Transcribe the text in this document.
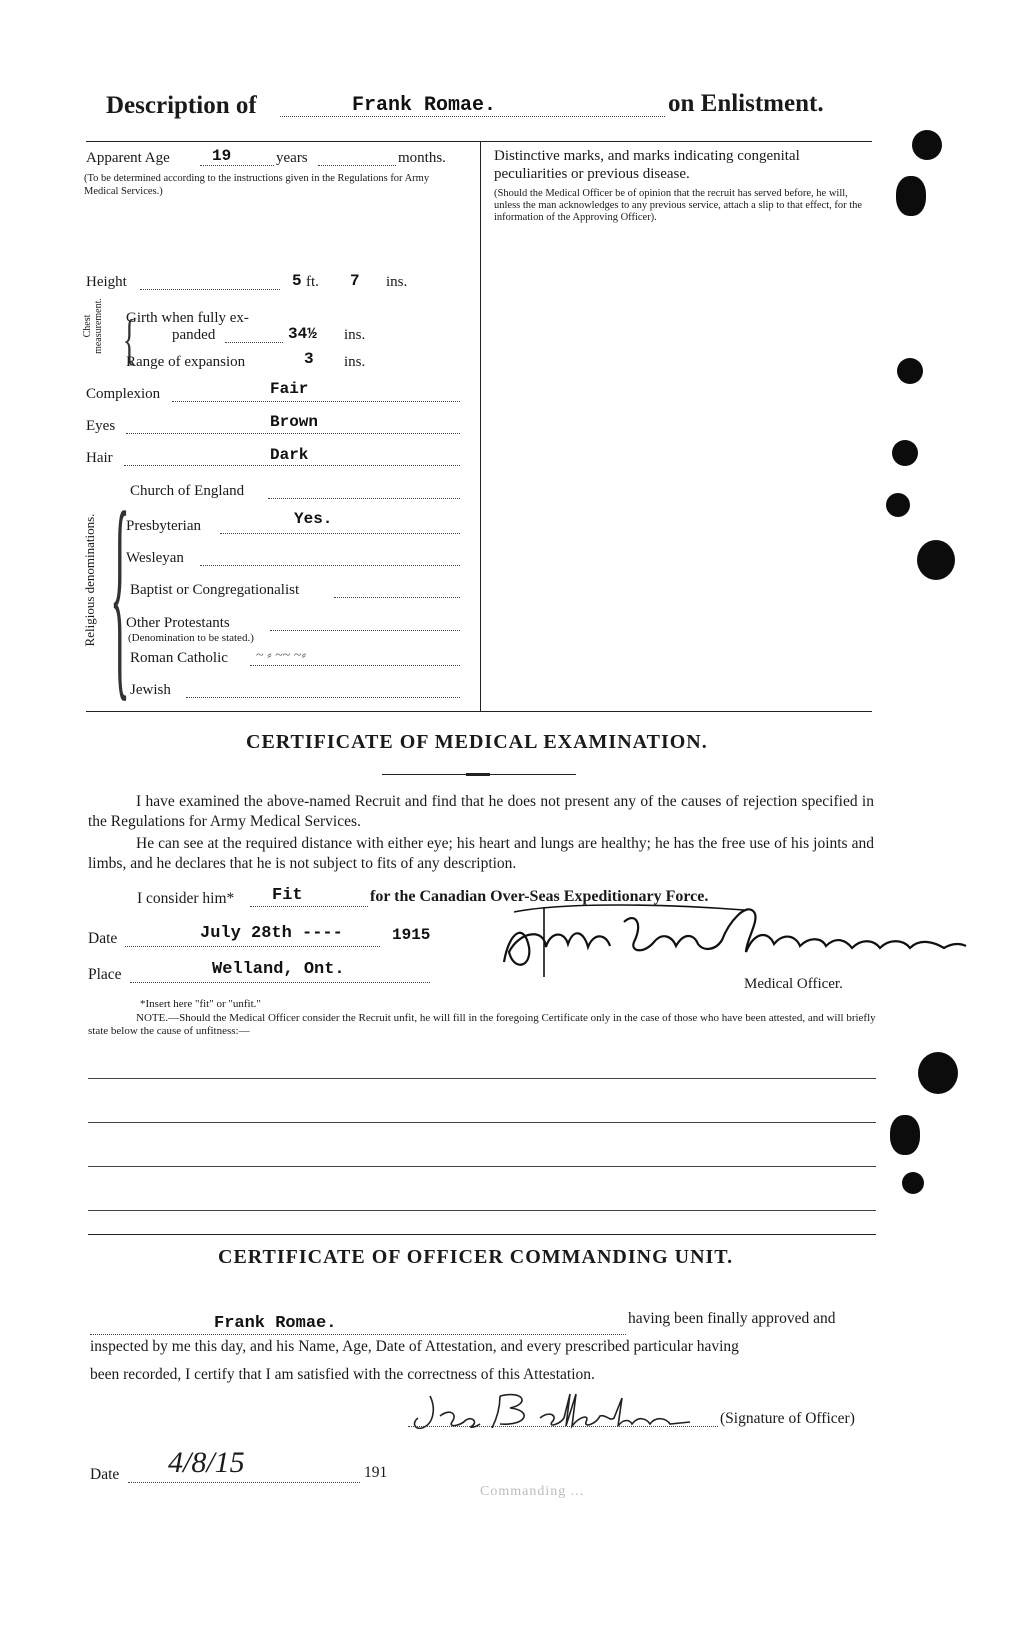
Description of	Frank Romae.	on Enlistment.
Apparent Age	19	years	months.
(To be determined according to the instructions given in the Regulations for Army Medical Services.)
Height	5 ft. 7 ins.
Chest measurement. {
Girth when fully ex-
panded	34½ ins.
Range of expansion	3 ins.
Complexion	Fair
Eyes	Brown
Hair	Dark
Religious denominations. { Church of England
Presbyterian	Yes.
Wesleyan
Baptist or Congregationalist
Other Protestants
(Denomination to be stated.)
Roman Catholic ~ ⸗ ~~ ~⸗
Jewish
Distinctive marks, and marks indicating congenital peculiarities or previous disease.
(Should the Medical Officer be of opinion that the recruit has served before, he will, unless the man acknowledges to any previous service, attach a slip to that effect, for the information of the Approving Officer).
CERTIFICATE OF MEDICAL EXAMINATION.
I have examined the above-named Recruit and find that he does not present any of the causes of rejection specified in the Regulations for Army Medical Services.
He can see at the required distance with either eye; his heart and lungs are healthy; he has the free use of his joints and limbs, and he declares that he is not subject to fits of any description.
I consider him* Fit	for the Canadian Over-Seas Expeditionary Force.
Date	July 28th ----	1915
Place	Welland, Ont.
Medical Officer.
*Insert here "fit" or "unfit."
NOTE.—Should the Medical Officer consider the Recruit unfit, he will fill in the foregoing Certificate only in the case of those who have been attested, and will briefly state below the cause of unfitness:—
CERTIFICATE OF OFFICER COMMANDING UNIT.
Frank Romae.	having been finally approved and
inspected by me this day, and his Name, Age, Date of Attestation, and every prescribed particular having
been recorded, I certify that I am satisfied with the correctness of this Attestation.
Jas. Ballantine	(Signature of Officer)
Date 4/8/15	191
Commanding ...
